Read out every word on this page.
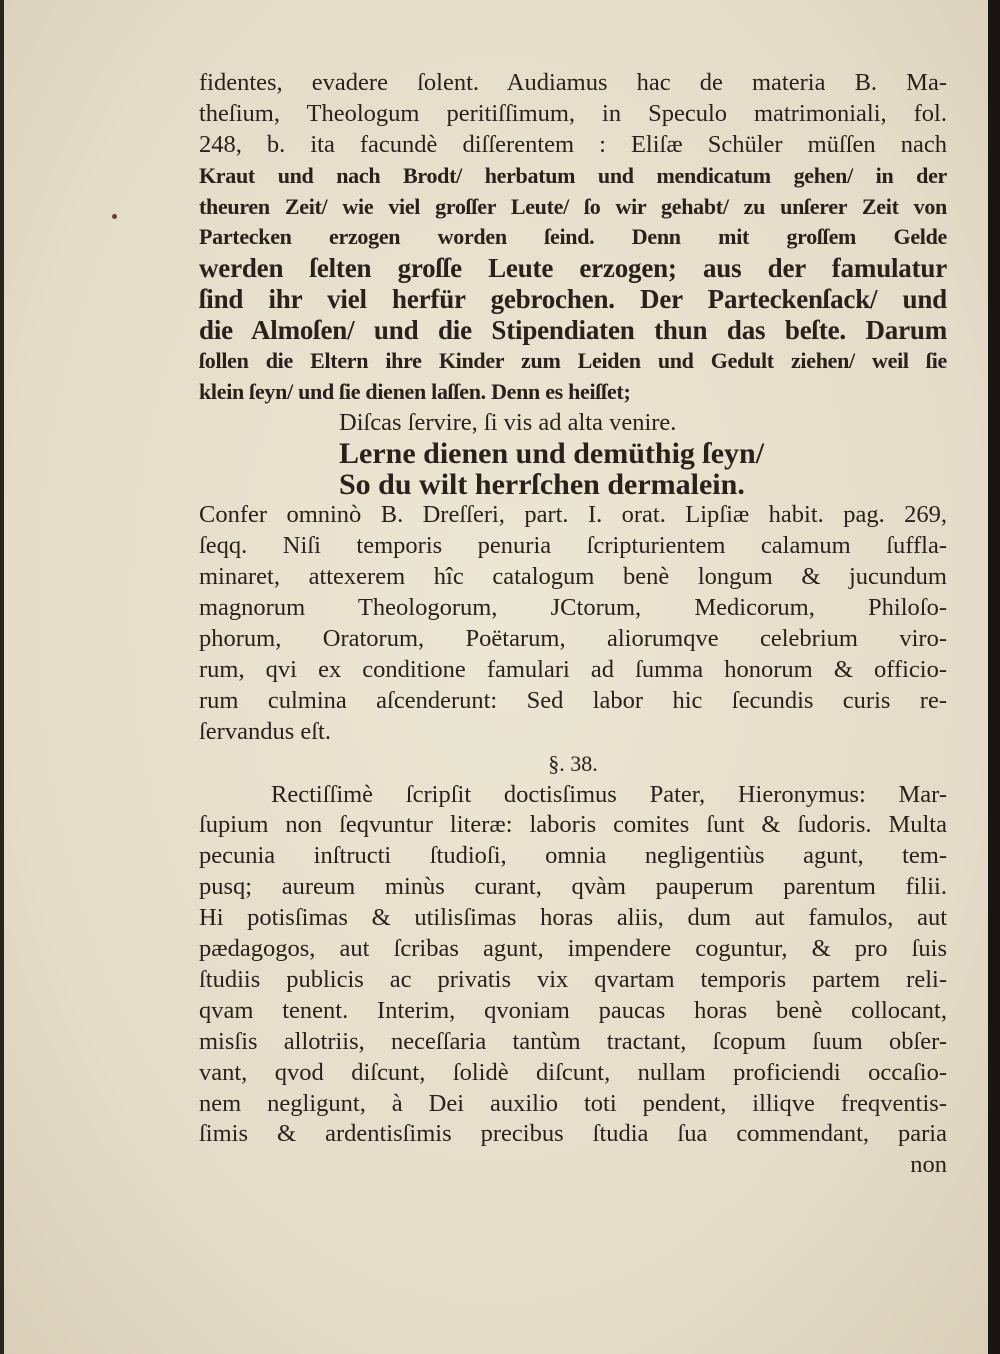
fidentes, evadere ſolent. Audiamus hac de materia B. Ma-
theſium, Theologum peritiſſimum, in Speculo matrimoniali, fol.
248, b. ita facundè diſſerentem : Eliſæ Schüler müſſen nach
Kraut und nach Brodt/ herbatum und mendicatum gehen/ in der
theuren Zeit/ wie viel groſſer Leute/ ſo wir gehabt/ zu unſerer Zeit von
Partecken erzogen worden ſeind. Denn mit groſſem Gelde
werden ſelten groſſe Leute erzogen; aus der famulatur
ſind ihr viel herfür gebrochen. Der Parteckenſack/ und
die Almoſen/ und die Stipendiaten thun das beſte. Darum
ſollen die Eltern ihre Kinder zum Leiden und Gedult ziehen/ weil ſie
klein ſeyn/ und ſie dienen laſſen. Denn es heiſſet;
Diſcas ſervire, ſi vis ad alta venire.
Lerne dienen und demüthig ſeyn/
So du wilt herrſchen dermalein.
Confer omninò B. Dreſſeri, part. I. orat. Lipſiæ habit. pag. 269,
ſeqq. Niſi temporis penuria ſcripturientem calamum ſuffla-
minaret, attexerem hîc catalogum benè longum & jucundum
magnorum Theologorum, JCtorum, Medicorum, Philoſo-
phorum, Oratorum, Poëtarum, aliorumqve celebrium viro-
rum, qvi ex conditione famulari ad ſumma honorum & officio-
rum culmina aſcenderunt: Sed labor hic ſecundis curis re-
ſervandus eſt.
§. 38.
Rectiſſimè ſcripſit doctisſimus Pater, Hieronymus: Mar-
ſupium non ſeqvuntur literæ: laboris comites ſunt & ſudoris. Multa
pecunia inſtructi ſtudioſi, omnia negligentiùs agunt, tem-
pusq; aureum minùs curant, qvàm pauperum parentum filii.
Hi potisſimas & utilisſimas horas aliis, dum aut famulos, aut
pædagogos, aut ſcribas agunt, impendere coguntur, & pro ſuis
ſtudiis publicis ac privatis vix qvartam temporis partem reli-
qvam tenent. Interim, qvoniam paucas horas benè collocant,
misſis allotriis, neceſſaria tantùm tractant, ſcopum ſuum obſer-
vant, qvod diſcunt, ſolidè diſcunt, nullam proficiendi occaſio-
nem negligunt, à Dei auxilio toti pendent, illiqve freqventis-
ſimis & ardentisſimis precibus ſtudia ſua commendant, paria
non
